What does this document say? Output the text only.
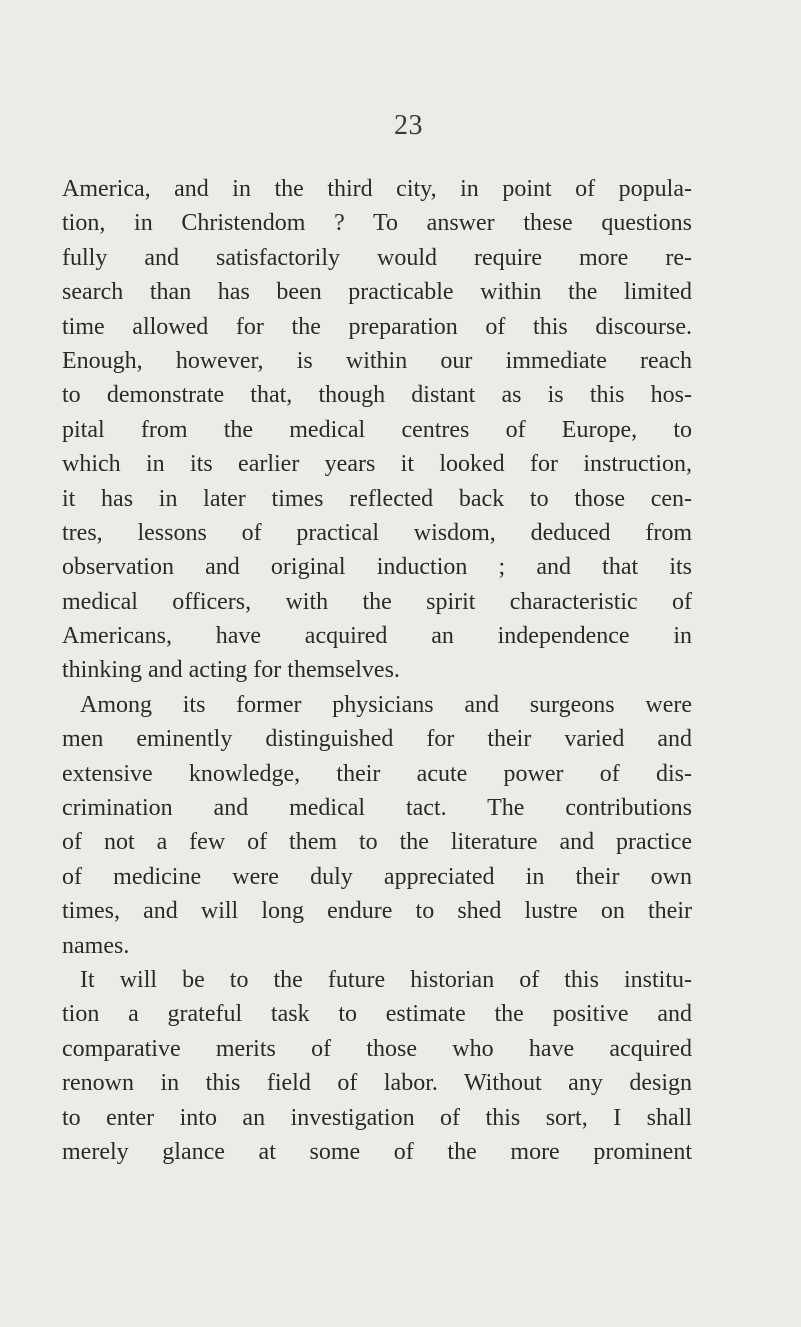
23
America, and in the third city, in point of popula-
tion, in Christendom ? To answer these questions
fully and satisfactorily would require more re-
search than has been practicable within the limited
time allowed for the preparation of this discourse.
Enough, however, is within our immediate reach
to demonstrate that, though distant as is this hos-
pital from the medical centres of Europe, to
which in its earlier years it looked for instruction,
it has in later times reflected back to those cen-
tres, lessons of practical wisdom, deduced from
observation and original induction ; and that its
medical officers, with the spirit characteristic of
Americans, have acquired an independence in
thinking and acting for themselves.
Among its former physicians and surgeons were
men eminently distinguished for their varied and
extensive knowledge, their acute power of dis-
crimination and medical tact. The contributions
of not a few of them to the literature and practice
of medicine were duly appreciated in their own
times, and will long endure to shed lustre on their
names.
It will be to the future historian of this institu-
tion a grateful task to estimate the positive and
comparative merits of those who have acquired
renown in this field of labor. Without any design
to enter into an investigation of this sort, I shall
merely glance at some of the more prominent
